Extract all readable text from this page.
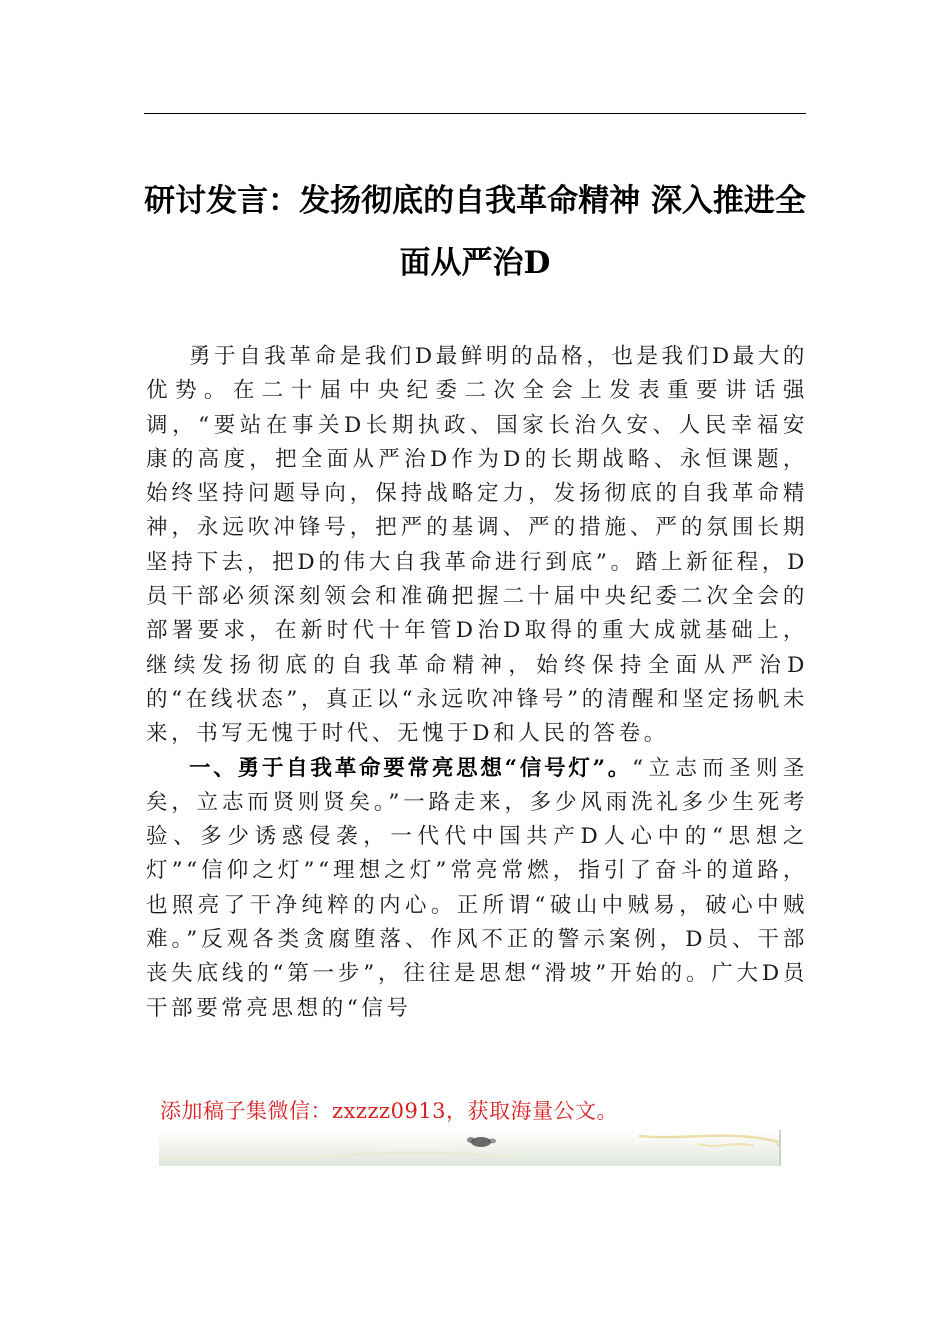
研讨发言：发扬彻底的自我革命精神 深入推进全面从严治D

勇于自我革命是我们D最鲜明的品格，也是我们D最大的优势。在二十届中央纪委二次全会上发表重要讲话强调，“要站在事关D长期执政、国家长治久安、人民幸福安康的高度，把全面从严治D作为D的长期战略、永恒课题，始终坚持问题导向，保持战略定力，发扬彻底的自我革命精神，永远吹冲锋号，把严的基调、严的措施、严的氛围长期坚持下去，把D的伟大自我革命进行到底”。踏上新征程，D员干部必须深刻领会和准确把握二十届中央纪委二次全会的部署要求，在新时代十年管D治D取得的重大成就基础上，继续发扬彻底的自我革命精神，始终保持全面从严治D的“在线状态”，真正以“永远吹冲锋号”的清醒和坚定扬帆未来，书写无愧于时代、无愧于D和人民的答卷。

一、勇于自我革命要常亮思想“信号灯”。“立志而圣则圣矣，立志而贤则贤矣。”一路走来，多少风雨洗礼多少生死考验、多少诱惑侵袭，一代代中国共产D人心中的“思想之灯”“信仰之灯”“理想之灯”常亮常燃，指引了奋斗的道路，也照亮了干净纯粹的内心。正所谓“破山中贼易，破心中贼难。”反观各类贪腐堕落、作风不正的警示案例，D员、干部丧失底线的“第一步”，往往是思想“滑坡”开始的。广大D员干部要常亮思想的“信号

添加稿子集微信：zxzzz0913，获取海量公文。
